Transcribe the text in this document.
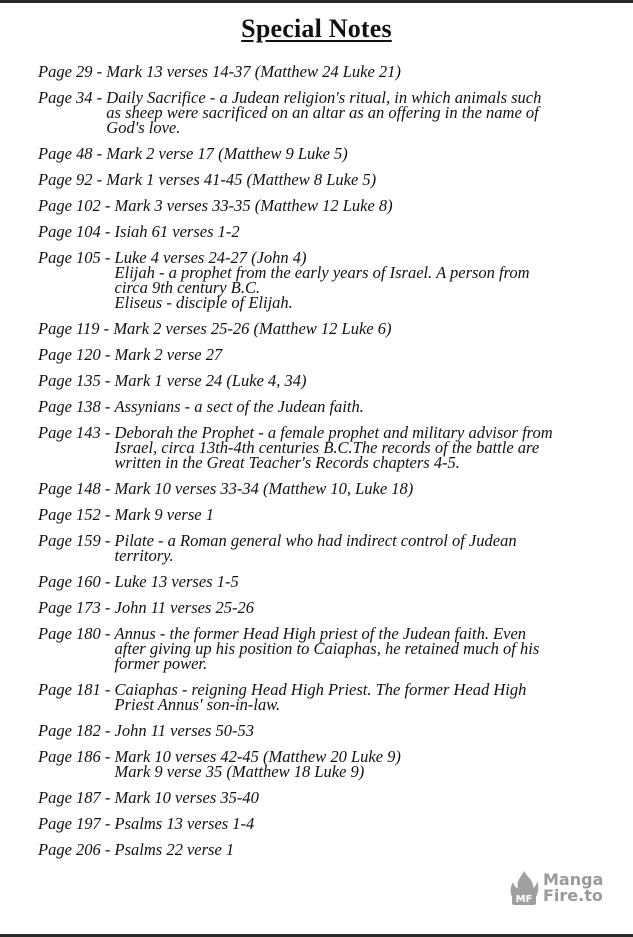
Special Notes
Page 29 - Mark 13 verses 14-37 (Matthew 24 Luke 21)
Page 34 - Daily Sacrifice - a Judean religion's ritual, in which animals such
as sheep were sacrificed on an altar as an offering in the name of
God's love.
Page 48 - Mark 2 verse 17 (Matthew 9 Luke 5)
Page 92 - Mark 1 verses 41-45 (Matthew 8 Luke 5)
Page 102 - Mark 3 verses 33-35 (Matthew 12 Luke 8)
Page 104 - Isiah 61 verses 1-2
Page 105 - Luke 4 verses 24-27 (John 4)
Elijah - a prophet from the early years of Israel. A person from
circa 9th century B.C.
Eliseus - disciple of Elijah.
Page 119 - Mark 2 verses 25-26 (Matthew 12 Luke 6)
Page 120 - Mark 2 verse 27
Page 135 - Mark 1 verse 24 (Luke 4, 34)
Page 138 - Assynians - a sect of the Judean faith.
Page 143 - Deborah the Prophet - a female prophet and military advisor from
Israel, circa 13th-4th centuries B.C.The records of the battle are
written in the Great Teacher's Records chapters 4-5.
Page 148 - Mark 10 verses 33-34 (Matthew 10, Luke 18)
Page 152 - Mark 9 verse 1
Page 159 - Pilate - a Roman general who had indirect control of Judean
territory.
Page 160 - Luke 13 verses 1-5
Page 173 - John 11 verses 25-26
Page 180 - Annus - the former Head High priest of the Judean faith. Even
after giving up his position to Caiaphas, he retained much of his
former power.
Page 181 - Caiaphas - reigning Head High Priest. The former Head High
Priest Annus' son-in-law.
Page 182 - John 11 verses 50-53
Page 186 - Mark 10 verses 42-45 (Matthew 20 Luke 9)
Mark 9 verse 35 (Matthew 18 Luke 9)
Page 187 - Mark 10 verses 35-40
Page 197 - Psalms 13 verses 1-4
Page 206 - Psalms 22 verse 1
MF
Manga
Fire.to
